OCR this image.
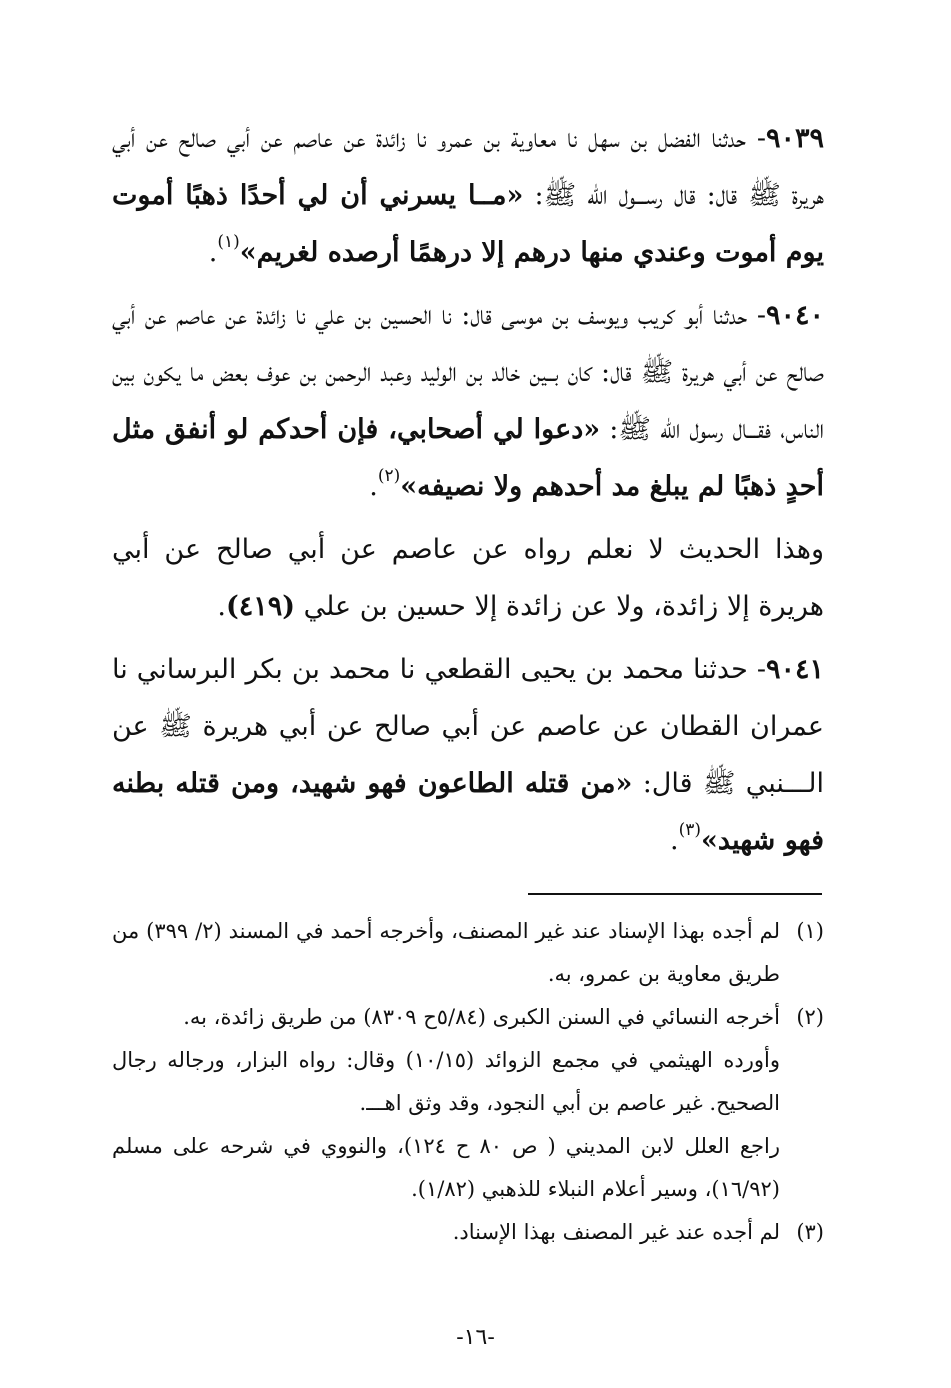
٩٠٣٩- حدثنا الفضل بن سهل نا معاوية بن عمرو نا زائدة عن عاصم عن أبي صالح عن أبي هريرة ﷺ قال: قال رســـول الله ﷺ: «مــا يسرني أن لي أحدًا ذهبًا أموت يوم أموت وعندي منها درهم إلا درهمًا أرصده لغريم»$^{(١)}$.

٩٠٤٠- حدثنا أبو كريب ويوسف بن موسى قال: نا الحسين بن علي نا زائدة عن عاصم عن أبي صالح عن أبي هريرة ﷺ قال: كان بــين خالد بن الوليد وعبد الرحمن بن عوف بعض ما يكون بين الناس، فقـــال رسول الله ﷺ: «دعوا لي أصحابي، فإن أحدكم لو أنفق مثل أحدٍ ذهبًا لم يبلغ مد أحدهم ولا نصيفه»$^{(٢)}$.

وهذا الحديث لا نعلم رواه عن عاصم عن أبي صالح عن أبي هريرة إلا زائدة، ولا عن زائدة إلا حسين بن علي (٤١٩).

٩٠٤١- حدثنا محمد بن يحيى القطعي نا محمد بن بكر البرساني نا عمران القطان عن عاصم عن أبي صالح عن أبي هريرة ﷺ عن الـــنبي ﷺ قال: «من قتله الطاعون فهو شهيد، ومن قتله بطنه فهو شهيد»$^{(٣)}$.

(١)
لم أجده بهذا الإسناد عند غير المصنف، وأخرجه أحمد في المسند (٢/ ٣٩٩) من طريق معاوية بن عمرو، به.
(٢)
أخرجه النسائي في السنن الكبرى (٥/٨٤ح ٨٣٠٩) من طريق زائدة، به.
وأورده الهيثمي في مجمع الزوائد (١٠/١٥) وقال: رواه البزار، ورجاله رجال الصحيح. غير عاصم بن أبي النجود، وقد وثق اهـــ.
راجع العلل لابن المديني ( ص ٨٠ ح ١٢٤)، والنووي في شرحه على مسلم (١٦/٩٢)، وسير أعلام النبلاء للذهبي (١/٨٢).
(٣)
لم أجده عند غير المصنف بهذا الإسناد.
-١٦-
